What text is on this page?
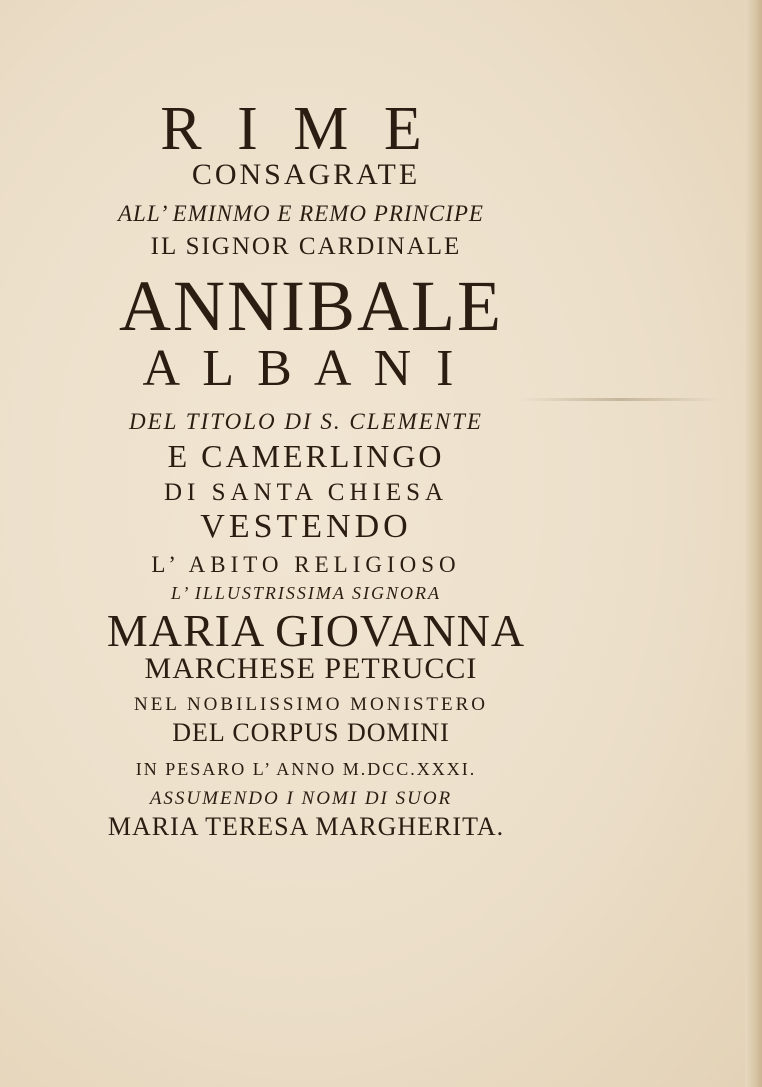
R I M E
CONSAGRATE
ALL’ EMINMO E REMO PRINCIPE
IL SIGNOR CARDINALE
ANNIBALE
A L B A N I
DEL TITOLO DI S. CLEMENTE
E CAMERLINGO
DI SANTA CHIESA
VESTENDO
L’ ABITO RELIGIOSO
L’ ILLUSTRISSIMA SIGNORA
MARIA GIOVANNA
MARCHESE PETRUCCI
NEL NOBILISSIMO MONISTERO
DEL CORPUS DOMINI
IN PESARO L’ ANNO M.DCC.XXXI.
ASSUMENDO I NOMI DI SUOR
MARIA TERESA MARGHERITA.
